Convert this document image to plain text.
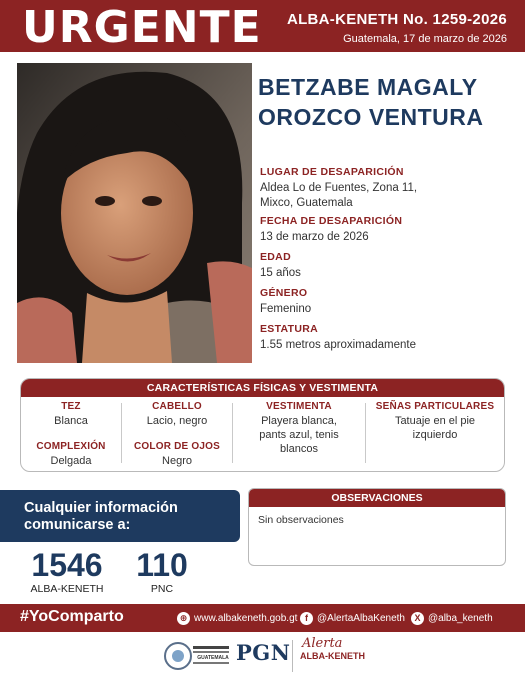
URGENTE ALBA-KENETH No. 1259-2026
Guatemala, 17 de marzo de 2026
BETZABE MAGALY
OROZCO VENTURA
LUGAR DE DESAPARICIÓN
Aldea Lo de Fuentes, Zona 11, Mixco, Guatemala
FECHA DE DESAPARICIÓN
13 de marzo de 2026
EDAD
15 años
GÉNERO
Femenino
ESTATURA
1.55 metros aproximadamente
CARACTERÍSTICAS FÍSICAS Y VESTIMENTA
TEZ
Blanca
COMPLEXIÓN
Delgada
CABELLO
Lacio, negro
COLOR DE OJOS
Negro
VESTIMENTA
Playera blanca, pants azul, tenis blancos
SEÑAS PARTICULARES
Tatuaje en el pie izquierdo
Cualquier información
comunicarse a:
1546
ALBA-KENETH
110
PNC
OBSERVACIONES
Sin observaciones
#YoComparto	⊕ www.albakeneth.gob.gt f @AlertaAlbaKeneth	X @alba_keneth
GUATEMALA PGN Alerta
ALBA-KENETH
